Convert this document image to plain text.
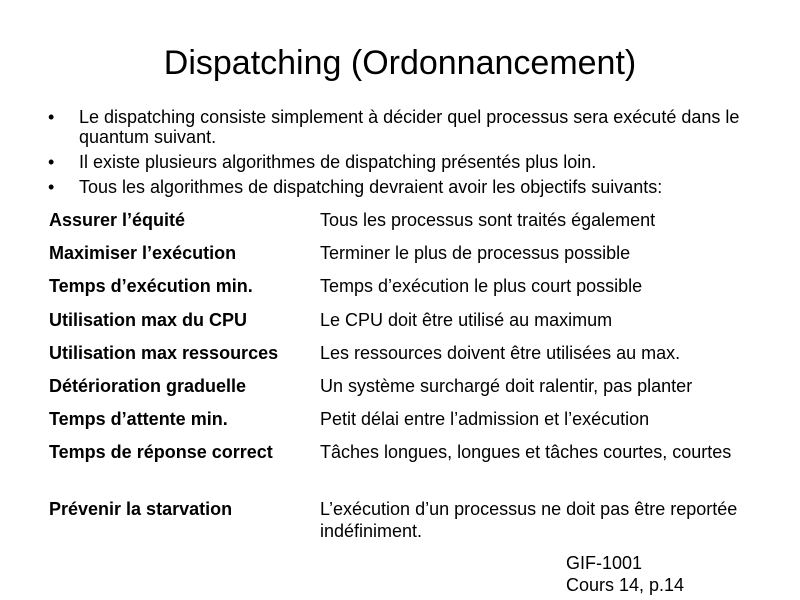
Dispatching (Ordonnancement)
• Le dispatching consiste simplement à décider quel processus sera exécuté dans le quantum suivant.
• Il existe plusieurs algorithmes de dispatching présentés plus loin.
• Tous les algorithmes de dispatching devraient avoir les objectifs suivants:
Assurer l’équité	Tous les processus sont traités également
Maximiser l’exécution	Terminer le plus de processus possible
Temps d’exécution min.	Temps d’exécution le plus court possible
Utilisation max du CPU	Le CPU doit être utilisé au maximum
Utilisation max ressources	Les ressources doivent être utilisées au max.
Détérioration graduelle	Un système surchargé doit ralentir, pas planter
Temps d’attente min.	Petit délai entre l’admission et l’exécution
Temps de réponse correct	Tâches longues, longues et tâches courtes, courtes
Prévenir la starvation	L’exécution d’un processus ne doit pas être reportée indéfiniment.
GIF-1001
Cours 14, p.14
